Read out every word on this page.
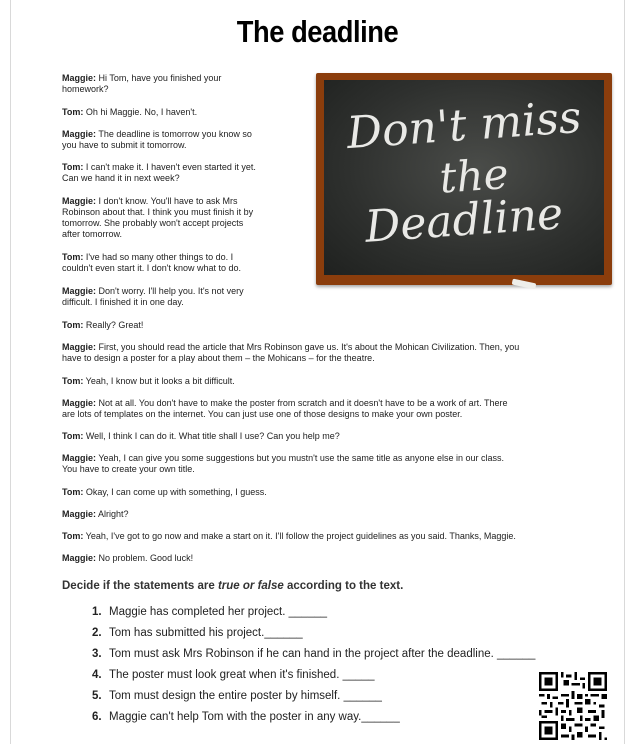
The deadline
Don't miss
the
Deadline
Maggie: Hi Tom, have you finished your
homework?
Tom: Oh hi Maggie. No, I haven't.
Maggie: The deadline is tomorrow you know so
you have to submit it tomorrow.
Tom: I can't make it. I haven't even started it yet.
Can we hand it in next week?
Maggie: I don't know. You'll have to ask Mrs
Robinson about that. I think you must finish it by
tomorrow. She probably won't accept projects
after tomorrow.
Tom: I've had so many other things to do. I
couldn't even start it. I don't know what to do.
Maggie: Don't worry. I'll help you. It's not very
difficult. I finished it in one day.
Tom: Really? Great!
Maggie: First, you should read the article that Mrs Robinson gave us. It's about the Mohican Civilization. Then, you
have to design a poster for a play about them – the Mohicans – for the theatre.
Tom: Yeah, I know but it looks a bit difficult.
Maggie: Not at all. You don't have to make the poster from scratch and it doesn't have to be a work of art. There
are lots of templates on the internet. You can just use one of those designs to make your own poster.
Tom: Well, I think I can do it. What title shall I use? Can you help me?
Maggie: Yeah, I can give you some suggestions but you mustn't use the same title as anyone else in our class.
You have to create your own title.
Tom: Okay, I can come up with something, I guess.
Maggie: Alright?
Tom: Yeah, I've got to go now and make a start on it. I'll follow the project guidelines as you said. Thanks, Maggie.
Maggie: No problem. Good luck!
Decide if the statements are true or false according to the text.
1. Maggie has completed her project. ______
2. Tom has submitted his project.______
3. Tom must ask Mrs Robinson if he can hand in the project after the deadline. ______
4. The poster must look great when it's finished. _____
5. Tom must design the entire poster by himself. ______
6. Maggie can't help Tom with the poster in any way.______
